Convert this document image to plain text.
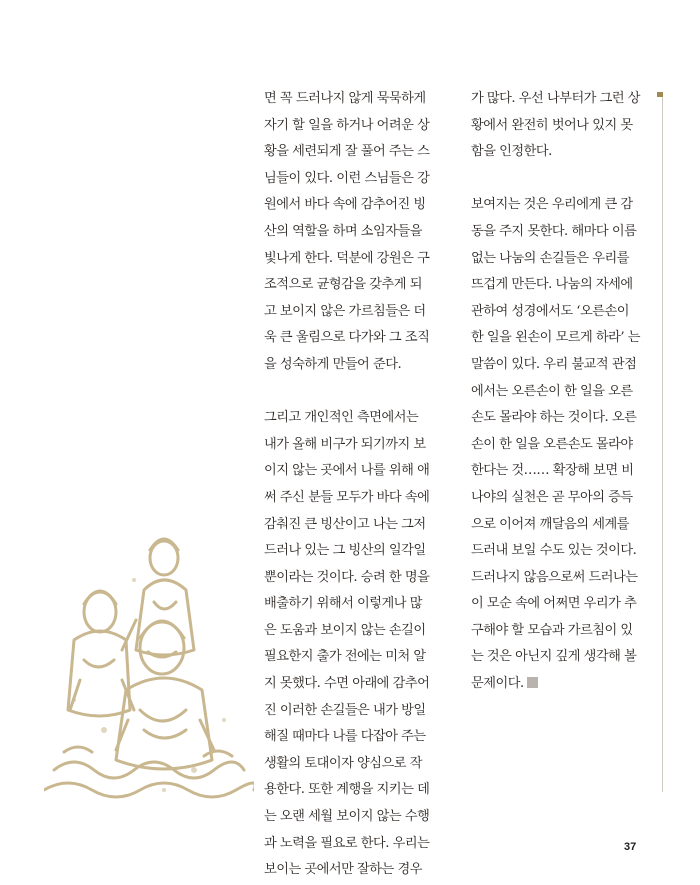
면 꼭 드러나지 않게 묵묵하게
자기 할 일을 하거나 어려운 상
황을 세련되게 잘 풀어 주는 스
님들이 있다. 이런 스님들은 강
원에서 바다 속에 감추어진 빙
산의 역할을 하며 소임자들을
빛나게 한다. 덕분에 강원은 구
조적으로 균형감을 갖추게 되
고 보이지 않은 가르침들은 더
욱 큰 울림으로 다가와 그 조직
을 성숙하게 만들어 준다.

그리고 개인적인 측면에서는
내가 올해 비구가 되기까지 보
이지 않는 곳에서 나를 위해 애
써 주신 분들 모두가 바다 속에
감춰진 큰 빙산이고 나는 그저
드러나 있는 그 빙산의 일각일
뿐이라는 것이다. 승려 한 명을
배출하기 위해서 이렇게나 많
은 도움과 보이지 않는 손길이
필요한지 출가 전에는 미처 알
지 못했다. 수면 아래에 감추어
진 이러한 손길들은 내가 방일
해질 때마다 나를 다잡아 주는
생활의 토대이자 양심으로 작
용한다. 또한 계행을 지키는 데
는 오랜 세월 보이지 않는 수행
과 노력을 필요로 한다. 우리는
보이는 곳에서만 잘하는 경우

가 많다. 우선 나부터가 그런 상
황에서 완전히 벗어나 있지 못
함을 인정한다.

보여지는 것은 우리에게 큰 감
동을 주지 못한다. 해마다 이름
없는 나눔의 손길들은 우리를
뜨겁게 만든다. 나눔의 자세에
관하여 성경에서도 ‘오른손이
한 일을 왼손이 모르게 하라’ 는
말씀이 있다. 우리 불교적 관점
에서는 오른손이 한 일을 오른
손도 몰라야 하는 것이다. 오른
손이 한 일을 오른손도 몰라야
한다는 것…… 확장해 보면 비
나야의 실천은 곧 무아의 증득
으로 이어져 깨달음의 세계를
드러내 보일 수도 있는 것이다.
드러나지 않음으로써 드러나는
이 모순 속에 어쩌면 우리가 추
구해야 할 모습과 가르침이 있
는 것은 아닌지 깊게 생각해 볼
문제이다.

37
